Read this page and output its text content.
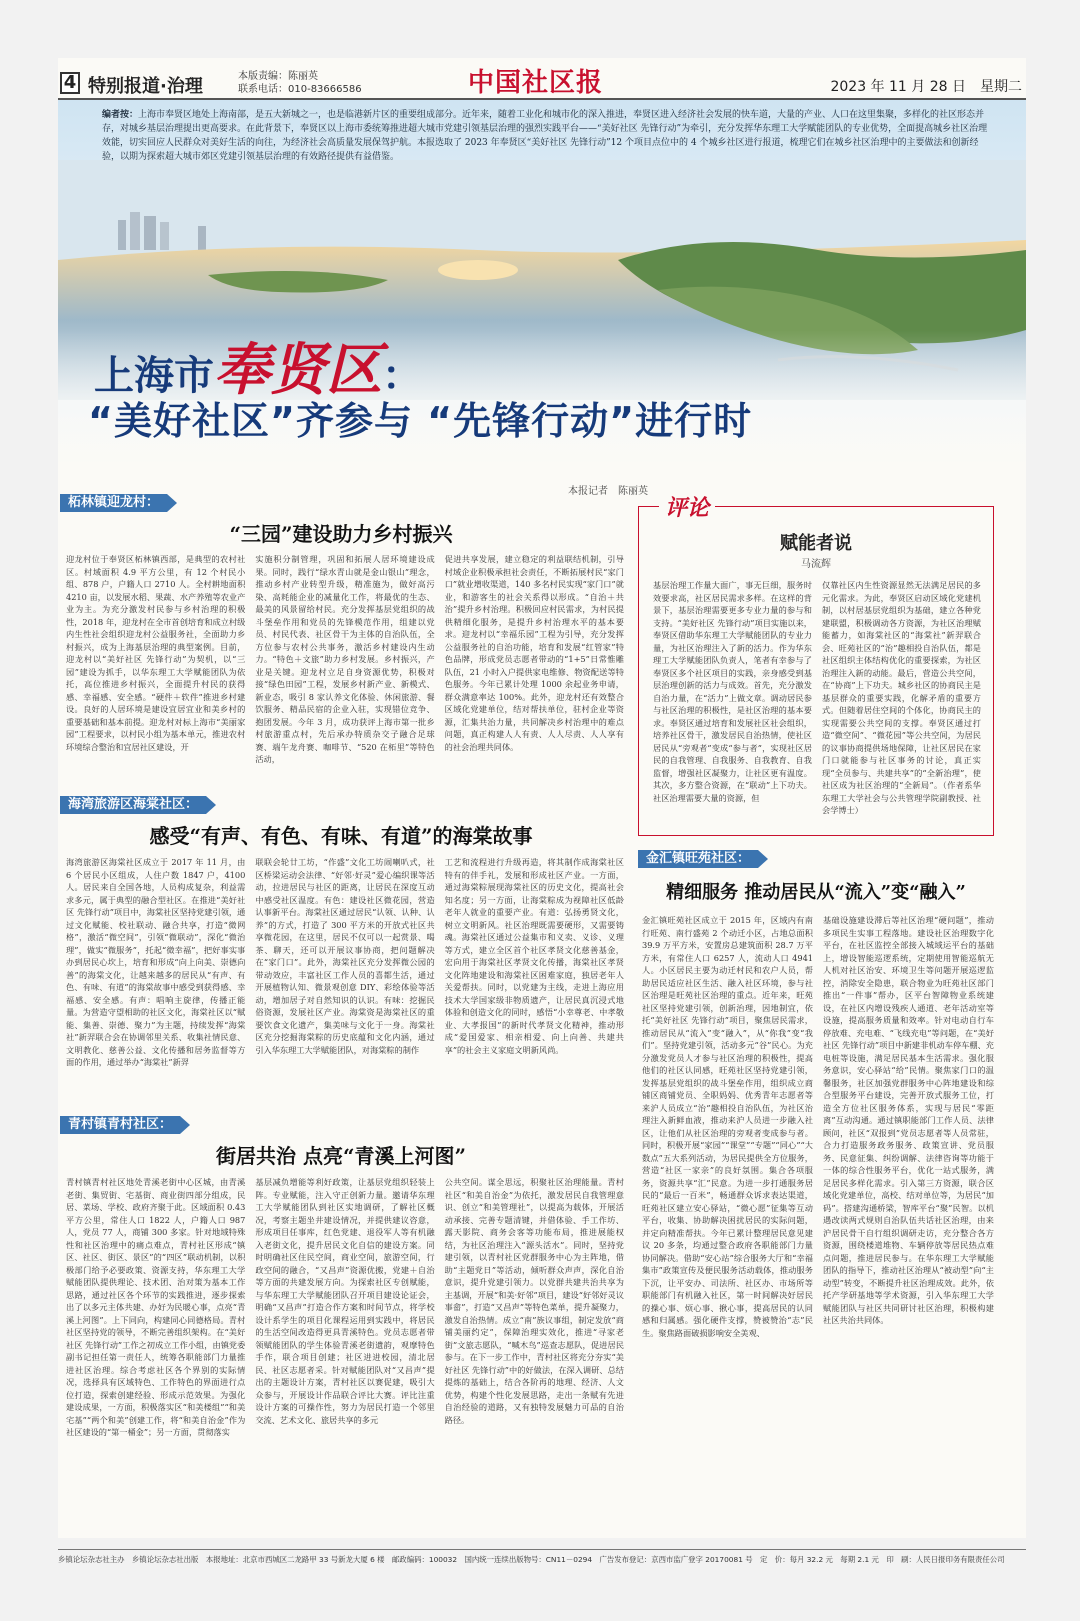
4 特别报道·治理	本版责编：陈丽英
联系电话：010-83666586	中国社区报	2023 年 11 月 28 日　星期二
编者按：上海市奉贤区地处上海南部，是五大新城之一，也是临港新片区的重要组成部分。近年来，随着工业化和城市化的深入推进，奉贤区进入经济社会发展的快车道，大量的产业、人口在这里集聚，多样化的社区形态并存，对城乡基层治理提出更高要求。在此背景下，奉贤区以上海市委统筹推进超大城市党建引领基层治理的强烈实践平台——“美好社区 先锋行动”为牵引，充分发挥华东理工大学赋能团队的专业优势，全面提高城乡社区治理效能，切实回应人民群众对美好生活的向往，为经济社会高质量发展保驾护航。本报选取了 2023 年奉贤区“美好社区 先锋行动”12 个项目点位中的 4 个城乡社区进行报道，梳理它们在城乡社区治理中的主要做法和创新经验，以期为探索超大城市郊区党建引领基层治理的有效路径提供有益借鉴。
上海市奉贤区：
“美好社区”齐参与 “先锋行动”进行时
本报记者　陈丽英
柘林镇迎龙村：
“三园”建设助力乡村振兴
迎龙村位于奉贤区柘林镇西部，是典型的农村社区。村域面积 4.9 平方公里，有 12 个村民小组、878 户，户籍人口 2710 人。全村耕地面积 4210 亩，以发展水稻、果蔬、水产养殖等农业产业为主。为充分激发村民参与乡村治理的积极性，2018 年，迎龙村在全市首创培育和成立村级内生性社会组织迎龙村公益服务社，全面助力乡村振兴，成为上海基层治理的典型案例。目前，迎龙村以“美好社区 先锋行动”为契机，以“三园”建设为抓手，以华东理工大学赋能团队为依托，高位推进乡村振兴，全面提升村民的获得感、幸福感、安全感。“硬件＋软件”推进乡村建设。良好的人居环境是建设宜居宜业和美乡村的重要基础和基本前提。迎龙村对标上海市“美丽家园”工程要求，以村民小组为基本单元，推进农村环境综合整治和宜居社区建设，开
实施积分制管理，巩固和拓展人居环境建设成果。同时，践行“绿水青山就是金山银山”理念，推动乡村产业转型升级，精准施为，做好高污染、高耗能企业的减量化工作，将最优的生态、最美的风景留给村民。充分发挥基层党组织的战斗堡垒作用和党员的先锋模范作用，组建以党员、村民代表、社区骨干为主体的自治队伍，全方位参与农村公共事务，激活乡村建设内生动力。“特色＋文旅”助力乡村发展。乡村振兴，产业是关键。迎龙村立足自身资源优势，积极对接“绿色田园”工程，发展乡村新产业、新模式、新业态，吸引 8 家认养文化体验、休闲旅游、餐饮服务、精品民宿的企业入驻，实现错位竞争、抱团发展。今年 3 月，成功获评上海市第一批乡村旅游重点村，先后承办特质杂交子融合足球赛、端午龙舟赛、咖啡节、“520 在柘里”等特色活动，
促进共享发展，建立稳定的利益联结机制，引导村域企业积极承担社会责任，不断拓展村民“家门口”就业增收渠道，140 多名村民实现“家门口”就业，和游客生的社会关系得以形成。“自治＋共治”提升乡村治理。积极回应村民需求，为村民提供精细化服务，是提升乡村治理水平的基本要求。迎龙村以“幸福乐园”工程为引导，充分发挥公益服务社的自治功能，培育和发展“红管家”特色品牌，形成党员志愿者带动的“1+5”日常惟雕队伍，21 小时入户提供家电维修、物资配送等特色服务。今年已累计处理 1000 余起业务申请，群众满意率达 100%。此外，迎龙村还有效整合区域化党建单位，结对帮扶单位，驻村企业等资源，汇集共治力量，共同解决乡村治理中的难点问题，真正构建人人有责、人人尽责、人人享有的社会治理共同体。
海湾旅游区海棠社区：
感受“有声、有色、有味、有道”的海棠故事
海湾旅游区海棠社区成立于 2017 年 11 月，由 6 个居民小区组成，人住户数 1847 户，4100 人。居民来自全国各地，人员构成复杂，利益需求多元，属于典型的融合型社区。在推进“美好社区 先锋行动”项目中，海棠社区坚持党建引领，通过文化赋能、校社联动、融合共享，打造“微网格”，激活“微空间”，引领“微联动”，深化“微治理”，做实“微服务”，托起“微幸福”，把好事实事办到居民心坎上，培育和形成“向上向美、崇德向善”的海棠文化，让越来越多的居民从“有声、有色、有味、有道”的海棠故事中感受到获得感、幸福感、安全感。有声：唱响主旋律，传播正能量。为营造守望相助的社区文化，海棠社区以“赋能、集善、崇德、聚力”为主题，持续发挥“海棠社”新羿联合会在协调邻里关系、收集社情民意、文明教化、慈善公益、文化传播和居务监督等方面的作用，通过举办“海棠社”新羿
联联会轮廿工坊，“作盛”文化工坊闹喇叭式，社区桥梁运动会法律、“好邻·好灵”爱心编织课等活动，拉进居民与社区的距离，让居民在深度互动中感受社区温度。有色：建设社区微花园，营造认事新平台。海棠社区通过居民“认领、认种、认养”的方式，打造了 300 平方米的开放式社区共享微花园，在这里，居民不仅可以一起赏景、喝茶、聊天，还可以开展议事协商，把问题解决在“家门口”。此外，海棠社区充分发挥微公园的带动效应，丰富社区工作人员的喜都生活，通过开展植物认知、微景观创意 DIY、彩绘体验等活动，增加居子对自然知识的认识。有味：挖掘民俗资源，发展社区产业。海棠资是海棠社区的重要饮食文化遗产，集美味与文化于一身。海棠社区充分挖掘海棠粽的历史底蕴和文化内涵，通过引入华东理工大学赋能团队，对海棠粽的制作
工艺和流程进行升级再造，将其制作成海棠社区特有的伴手礼，发展和形成社区产业。一方面，通过海棠粽展现海棠社区的历史文化，提高社会知名度；另一方面，让海棠粽成为视障社区低龄老年人就业的重要产业。有道：弘扬勇贤文化，树立文明新风。社区治理既需要硬形，又需要铸魂。海棠社区通过公益集市和义卖、义诊、义理等方式，建立全区首个社区孝贤文化慈善基金，宏向用于海棠社区孝贤文化传播，海棠社区孝贤文化阵地建设和海棠社区困难家庭，独居老年人关爱帮扶。同时，以党建为主线，走进上海应用技术大学国家级非物质遗产，让居民真沉浸式地体验和创造文化的同时，感悟“小幸尊老、中孝敬业、大孝报国”的新时代孝贤文化精神，推动形成“爱国爱家、相亲相爱、向上向善、共建共享”的社会主义家庭文明新风尚。
青村镇青村社区：
街居共治 点亮“青溪上河图”
青村镇青村社区地处青溪老街中心区城，由青溪老街、集贸街、宅基街、商业街四部分组成，民居、菜场、学校、政府齐聚于此。区域面积 0.43 平方公里，常住人口 1822 人，户籍人口 987 人，党员 77 人，商铺 300 多家。针对地域特殊性和社区治理中的痛点难点，青村社区形成“镇区、社区、街区、景区”的“四区”联动机制，以积极部门给予必要政策、资源支持，华东理工大学赋能团队提供理论、技术团、治对策为基本工作思路，通过社区各个环节的实践推进，逐步探索出了以多元主体共建、办好为民暖心事，点亮“青溪上河图”。上下同向，构建同心同德格局。青村社区坚持党的领导，不断完善组织架构。在“美好社区 先锋行动”工作之初成立工作小组，由镇党委副书记担任第一责任人，统筹各职能部门力量推进社区治理。综合考虑社区各个界别的实际情况，选择具有区域特色、工作特色的界面进行点位打造，探索创建经验、形成示范效果。为强化建设成果，一方面，积极落实区“和美楼组”“和美宅基”“两个和美”创建工作，将“和美自治金”作为社区建设的“第一桶金”；另一方面，贯彻落实
基层减负增能等利好政策，让基层党组织轻装上阵。专业赋能，注入守正创新力量。邀请华东理工大学赋能团队到社区实地调研，了解社区概况，考察主题坐井建设情况，并提供建议咨意，形成项目任事库，红色党建、退役军人等有机融入老街文化，提升居民文化自信的建设方案。同时明确社区住民空间，商业空间，旅游空间，行政空间的融合，“又昌声”资源优搬，党建＋自治等方面的共建发展方向。为探索社区专创赋能，与华东理工大学赋能团队召开项目建设论证会，明确“又昌声”打造合作方案和时间节点，将学校设计系学生的项目化课程运用到实践中，将居民的生活空间改造得更具青溪特色。党员志愿者带领赋能团队的学生体验青溪老街遗韵，观摩特色手作，联合项目创建；社区进进校园，清北居民、社区志愿者采。针对赋能团队对“又昌声”提出的主题设计方案，青村社区以赛促建，吸引大众参与，开展设计作品联合评比大赛。评比注重设计方案的可操作性，努力为居民打造一个邻里交流、艺术文化、旅居共享的多元
公共空间。谋全思远，积聚社区治理能量。青村社区“和美自治金”为依托，激发居民自我管理意识、创立“和美管理社”，以提高为载体，开展活动承接、完善专题清键，并借体验、手工作坊、露天影院、商务会客等功能布局，推进展能权结，为社区治理注入“源头活水”。同时，坚持党建引领，以青村社区党群服务中心为主阵地，借助“主题党日”等活动，倾听群众声声，深化自治意识，提升党建引领力。以党群共建共治共享为主基调，开展“和美·好邻”项目，建设“好邻好灵议事畲”，打造“又昌声”等特色菜单，提升凝聚力，激发自治热情。成立“南”族议事组，制定发放“商铺美丽约定”，保障治理实效化，推进“寻家老街”文旅志愿队，“喊木鸟”巡查志愿队，促进居民参与。在下一步工作中，青村社区将充分夯实“美好社区 先锋行动”中的好做法，在深入调研、总结提炼的基础上，结合各阶再的地理、经济、人文优势，构建个性化发展思路，走出一条赋有先进自治经验的道路，又有独特发展魅力可品的自治路径。
评论
赋能者说
马流辉
基层治理工作量大面广，事无巨细，服务时效要求高，社区居民需求多样。在这样的背景下，基层治理需要更多专业力量的参与和支持。“美好社区 先锋行动”项目实施以来，奉贤区借助华东理工大学赋能团队的专业力量，为社区治理注入了新的活力。作为华东理工大学赋能团队负责人，笔者有幸参与了奉贤区多个社区项目的实践，亲身感受到基层治理创新的活力与成效。首先，充分激发自治力量，在“活力”上做文章。调动居民参与社区治理的积极性，是社区治理的基本要求。奉贤区通过培育和发展社区社会组织，培养社区骨干，激发居民自治热情，使社区居民从“旁观者”变成“参与者”，实现社区居民的自我管理、自我服务、自我教育、自我监督，增强社区凝聚力，让社区更有温度。其次，多方整合资源，在“联动”上下功夫。社区治理需要大量的资源，但
仅靠社区内生性资源显然无法满足居民的多元化需求。为此，奉贤区启动区域化党建机制，以村居基层党组织为基础，建立各种党建联盟，积极调动各方资源，为社区治理赋能蓄力，如海棠社区的“海棠社”新羿联合会、旺苑社区的“治”趣相投自治队伍，都是社区组织主体结构优化的重要探索，为社区治理注入新的动能。最后，营造公共空间，在“协商”上下功夫。城乡社区的协商民主是基层群众的重要实践，化解矛盾的重要方式。但随着居住空间的个体化，协商民主的实现需要公共空间的支撑。奉贤区通过打造“微空间”、“微花园”等公共空间，为居民的议事协商提供场地保障，让社区居民在家门口就能参与社区事务的讨论，真正实现“全员参与、共建共享”的“全新治理”，使社区成为社区治理的“全新局”。（作者系华东理工大学社会与公共管理学院副教授、社会学博士）
金汇镇旺苑社区：
精细服务 推动居民从“流入”变“融入”
金汇镇旺苑社区成立于 2015 年，区域内有南行旺苑、南行盛苑 2 个动迁小区，占地总面积 39.9 万平方米，安置房总建筑面积 28.7 万平方米，有常住人口 6257 人，流动人口 4941 人。小区居民主要为动迁村民和农户人员，帮助居民适应社区生活、融入社区环境，参与社区治理是旺苑社区治理的重点。近年来，旺苑社区坚持党建引领，创新治理，因地制宜，依托“美好社区 先锋行动”项目，聚焦居民需求，推动居民从“流入”变“融入”，从“你我”变“我们”。坚持党建引领，活动多元“谷”民心。为充分激发党员人才参与社区治理的积极性，提高他们的社区认同感，旺苑社区坚持党建引领，发挥基层党组织的战斗堡垒作用，组织成立商铺区商铺党员、全职妈妈、优秀青年志愿者等来沪人员成立“治”趣相投自治队伍，为社区治理注入新鲜血液，推动来沪人员进一步融入社区，让他们从社区治理的旁观者变成参与者。同时，积极开展“家园”“课堂”“专题”“同心”“大数点”五大系列活动，为居民提供全方位服务，营造“社区一家亲”的良好氛围。集合各项服务，资源共享“汇”民意。为进一步打通服务居民的“最后一百米”，畅通群众诉求表达渠道，旺苑社区建立安心驿站，“微心愿”征集等互动平台，收集、协助解决困扰居民的实际问题，并定向精准帮扶。今年已累计整理居民意见建议 20 多条，均通过整合政府各职能部门力量协同解决。借助“安心站”综合服务大厅和“幸福集市”政策宣传及便民服务活动载体，推动服务下沉，让平安办、司法所、社区办、市场所等职能部门有机融入社区，第一时间解决好居民的操心事、烦心事、揪心事，提高居民的认同感和归属感。强化硬件支撑，赞被赞治“志”民生。聚焦路面破损影响安全美观、
基础设施建设滞后等社区治理“硬问题”，推动多项民生实事工程落地。建设社区治理数字化平台，在社区监控全部接入城域运平台的基础上，增设智能巡逻系统，定期使用智能巡航无人机对社区治安、环境卫生等问题开展巡逻监控，消除安全隐患，联合物业为旺苑社区部门推出“一件事”帮办，区平台智障物业系统建设，在社区内增设残疾人通道、老年活动室等设施，提高服务质量和效率。针对电动自行车停放难、充电难、“飞线充电”等问题，在“美好社区 先锋行动”项目中新建非机动车停车棚、充电桩等设施，满足居民基本生活需求。强化服务意识，安心驿站“给”民情。聚焦家门口的温馨服务，社区加强党群服务中心阵地建设和综合型服务平台建设，完善开放式服务工位，打造全方位社区服务体系，实现与居民“零距离”互动沟通。通过镇职能部门工作人员、法律顾问，社区“双报到”党员志愿者等人员常驻，合力打造服务政务服务、政策宣讲、党员服务、民意征集、纠纷调解、法律咨询等功能于一体的综合性服务平台，优化一站式服务，满足居民多样化需求。引入第三方资源，联合区域化党建单位，高校、结对单位等，为居民“加码”。搭建沟通桥梁，智库平台“聚”民智。以机遇改读两式规则自治队伍共话社区治理，由来沪居民骨干自行组织调研走访，充分整合各方资源，围绕楼道堆物、车辆停放等居民热点难点问题，推进居民参与。在华东理工大学赋能团队的指导下，推动社区治理从“被动型”向“主动型”转变，不断提升社区治理成效。此外，依托产学研基地等学术资源，引入华东理工大学赋能团队与社区共同研讨社区治理，积极构建社区共治共同体。
乡镇论坛杂志社主办　乡镇论坛杂志社出版　本报地址：北京市西城区二龙路甲 33 号新龙大厦 6 楼　邮政编码：100032　国内统一连续出版物号：CN11－0294　广告发布登记：京西市监广登字 20170081 号　定　价：每月 32.2 元　每期 2.1 元　印　刷：人民日报印务有限责任公司
